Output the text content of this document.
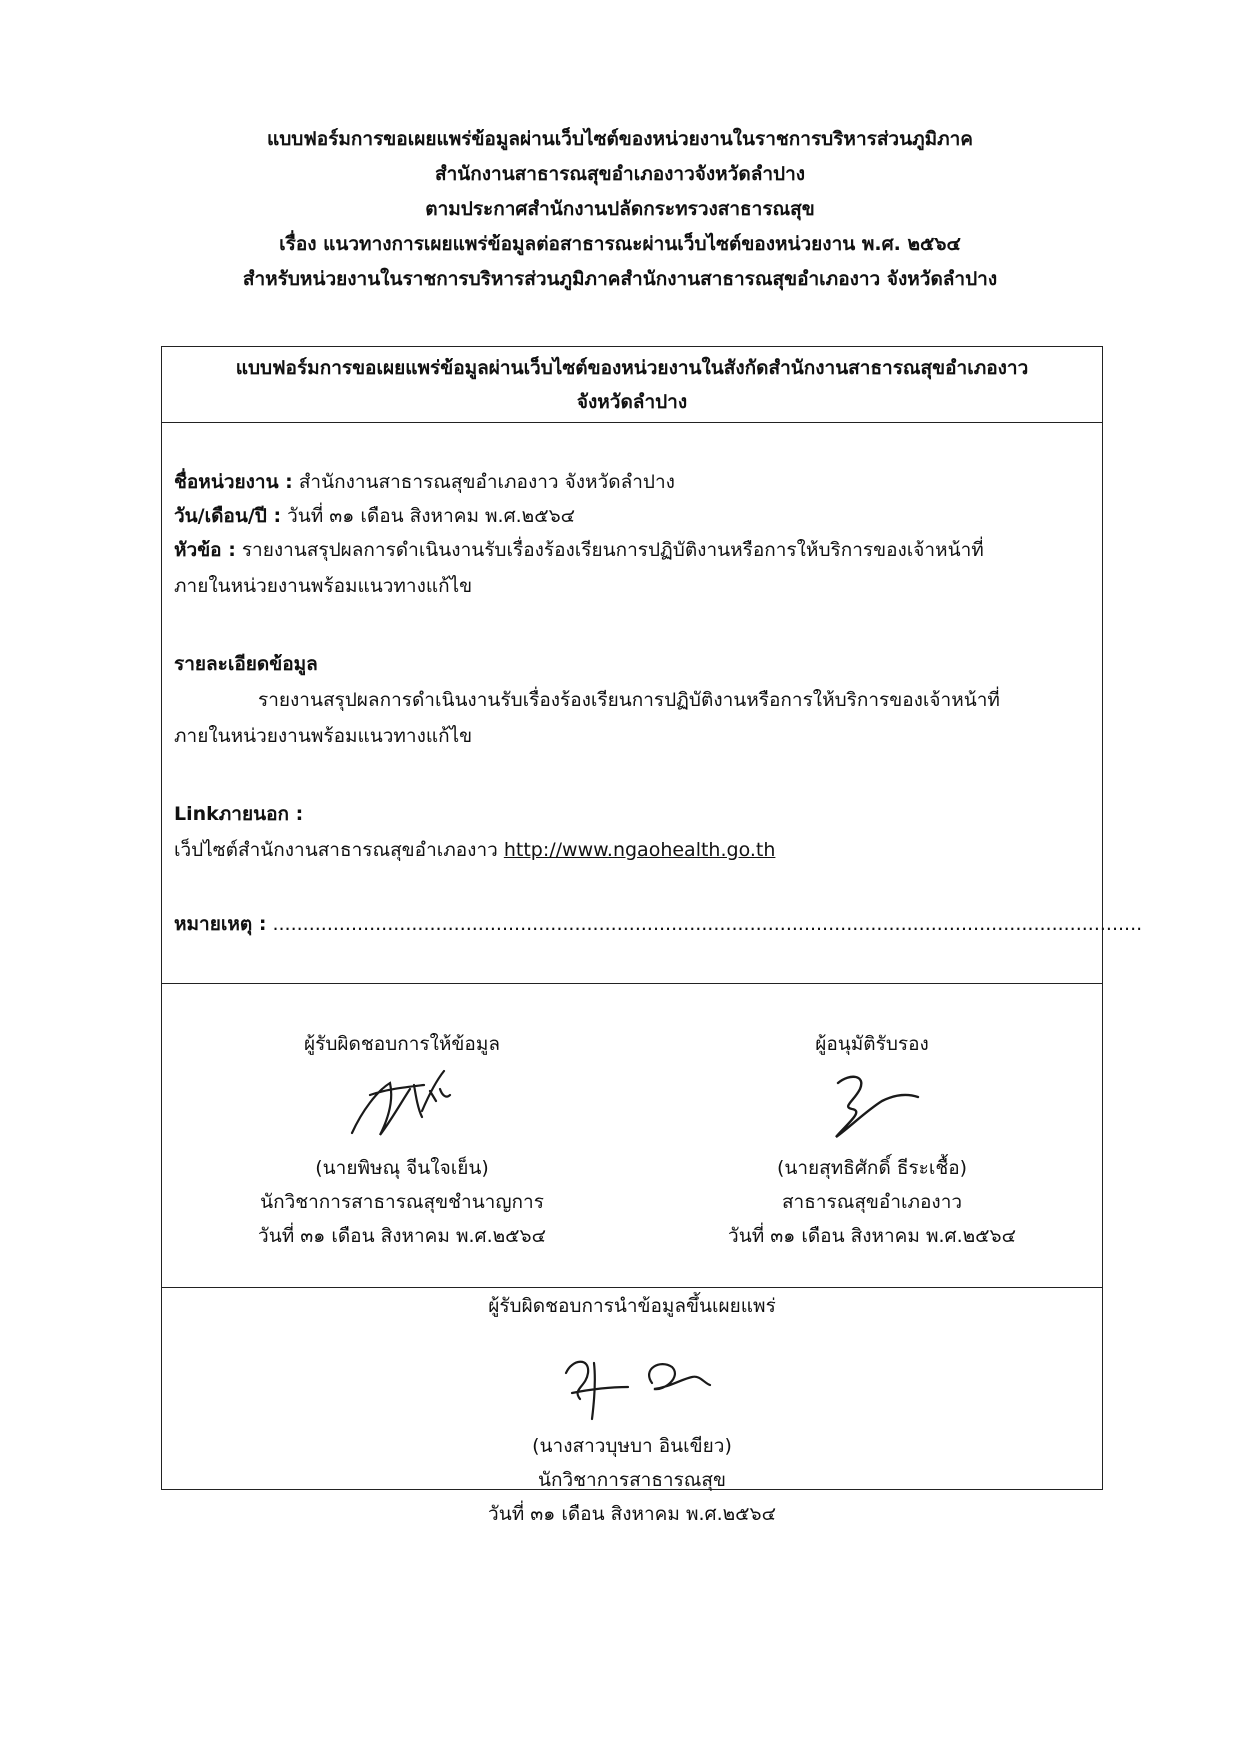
แบบฟอร์มการขอเผยแพร่ข้อมูลผ่านเว็บไซต์ของหน่วยงานในราชการบริหารส่วนภูมิภาค
สำนักงานสาธารณสุขอำเภองาวจังหวัดลำปาง
ตามประกาศสำนักงานปลัดกระทรวงสาธารณสุข
เรื่อง แนวทางการเผยแพร่ข้อมูลต่อสาธารณะผ่านเว็บไซต์ของหน่วยงาน พ.ศ. ๒๕๖๔
สำหรับหน่วยงานในราชการบริหารส่วนภูมิภาคสำนักงานสาธารณสุขอำเภองาว จังหวัดลำปาง
แบบฟอร์มการขอเผยแพร่ข้อมูลผ่านเว็บไซต์ของหน่วยงานในสังกัดสำนักงานสาธารณสุขอำเภองาว
จังหวัดลำปาง
ชื่อหน่วยงาน : สำนักงานสาธารณสุขอำเภองาว จังหวัดลำปาง
วัน/เดือน/ปี : วันที่ ๓๑ เดือน สิงหาคม พ.ศ.๒๕๖๔
หัวข้อ : รายงานสรุปผลการดำเนินงานรับเรื่องร้องเรียนการปฏิบัติงานหรือการให้บริการของเจ้าหน้าที่
ภายในหน่วยงานพร้อมแนวทางแก้ไข
รายละเอียดข้อมูล
รายงานสรุปผลการดำเนินงานรับเรื่องร้องเรียนการปฏิบัติงานหรือการให้บริการของเจ้าหน้าที่
ภายในหน่วยงานพร้อมแนวทางแก้ไข
Linkภายนอก :
เว็ปไซต์สำนักงานสาธารณสุขอำเภองาว http://www.ngaohealth.go.th
หมายเหตุ : ................................................................................................................................................
ผู้รับผิดชอบการให้ข้อมูล
(นายพิษณุ จีนใจเย็น)
นักวิชาการสาธารณสุขชำนาญการ
วันที่ ๓๑ เดือน สิงหาคม พ.ศ.๒๕๖๔
ผู้อนุมัติรับรอง
(นายสุทธิศักดิ์ ธีระเชื้อ)
สาธารณสุขอำเภองาว
วันที่ ๓๑ เดือน สิงหาคม พ.ศ.๒๕๖๔
ผู้รับผิดชอบการนำข้อมูลขึ้นเผยแพร่
(นางสาวบุษบา อินเขียว)
นักวิชาการสาธารณสุข
วันที่ ๓๑ เดือน สิงหาคม พ.ศ.๒๕๖๔
